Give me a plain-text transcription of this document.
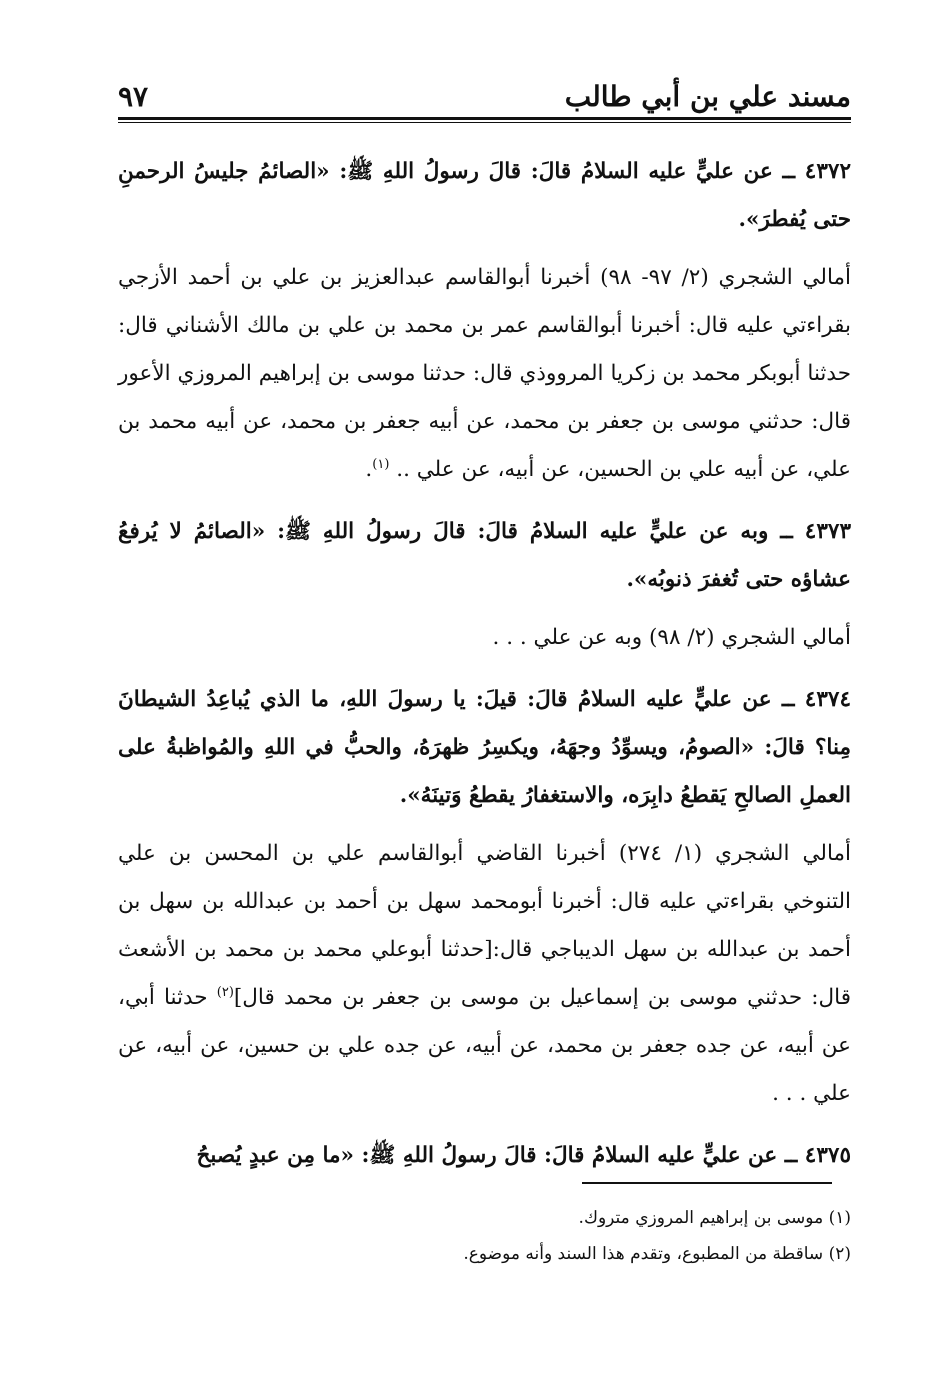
مسند علي بن أبي طالب
٩٧

٤٣٧٢ ــ عن عليٍّ عليه السلامُ قالَ: قالَ رسولُ اللهِ ﷺ: «الصائمُ جليسُ الرحمنِ حتى يُفطرَ».

أمالي الشجري (٢/ ٩٧- ٩٨) أخبرنا أبوالقاسم عبدالعزيز بن علي بن أحمد الأزجي بقراءتي عليه قال: أخبرنا أبوالقاسم عمر بن محمد بن علي بن مالك الأشناني قال: حدثنا أبوبكر محمد بن زكريا المرووذي قال: حدثنا موسى بن إبراهيم المروزي الأعور قال: حدثني موسى بن جعفر بن محمد، عن أبيه جعفر بن محمد، عن أبيه محمد بن علي، عن أبيه علي بن الحسين، عن أبيه، عن علي .. $^{(١)}$.

٤٣٧٣ ــ وبه عن عليٍّ عليه السلامُ قالَ: قالَ رسولُ اللهِ ﷺ: «الصائمُ لا يُرفعُ عشاؤه حتى تُغفرَ ذنوبُه».

أمالي الشجري (٢/ ٩٨) وبه عن علي . . .

٤٣٧٤ ــ عن عليٍّ عليه السلامُ قالَ: قيلَ: يا رسولَ اللهِ، ما الذي يُباعِدُ الشيطانَ مِنا؟ قالَ: «الصومُ، ويسوِّدُ وجهَهُ، ويكسِرُ ظهرَهُ، والحبُّ في اللهِ والمُواظبةُ على العملِ الصالحِ يَقطعُ دابِرَه، والاستغفارُ يقطعُ وَتينَهُ».

أمالي الشجري (١/ ٢٧٤) أخبرنا القاضي أبوالقاسم علي بن المحسن بن علي التنوخي بقراءتي عليه قال: أخبرنا أبومحمد سهل بن أحمد بن عبدالله بن سهل بن أحمد بن عبدالله بن سهل الديباجي قال:[حدثنا أبوعلي محمد بن محمد بن الأشعث قال: حدثني موسى بن إسماعيل بن موسى بن جعفر بن محمد قال]$^{(٢)}$ حدثنا أبي، عن أبيه، عن جده جعفر بن محمد، عن أبيه، عن جده علي بن حسين، عن أبيه، عن علي . . .

٤٣٧٥ ــ عن عليٍّ عليه السلامُ قالَ: قالَ رسولُ اللهِ ﷺ: «ما مِن عبدٍ يُصبحُ

(١) موسى بن إبراهيم المروزي متروك.

(٢) ساقطة من المطبوع، وتقدم هذا السند وأنه موضوع.
